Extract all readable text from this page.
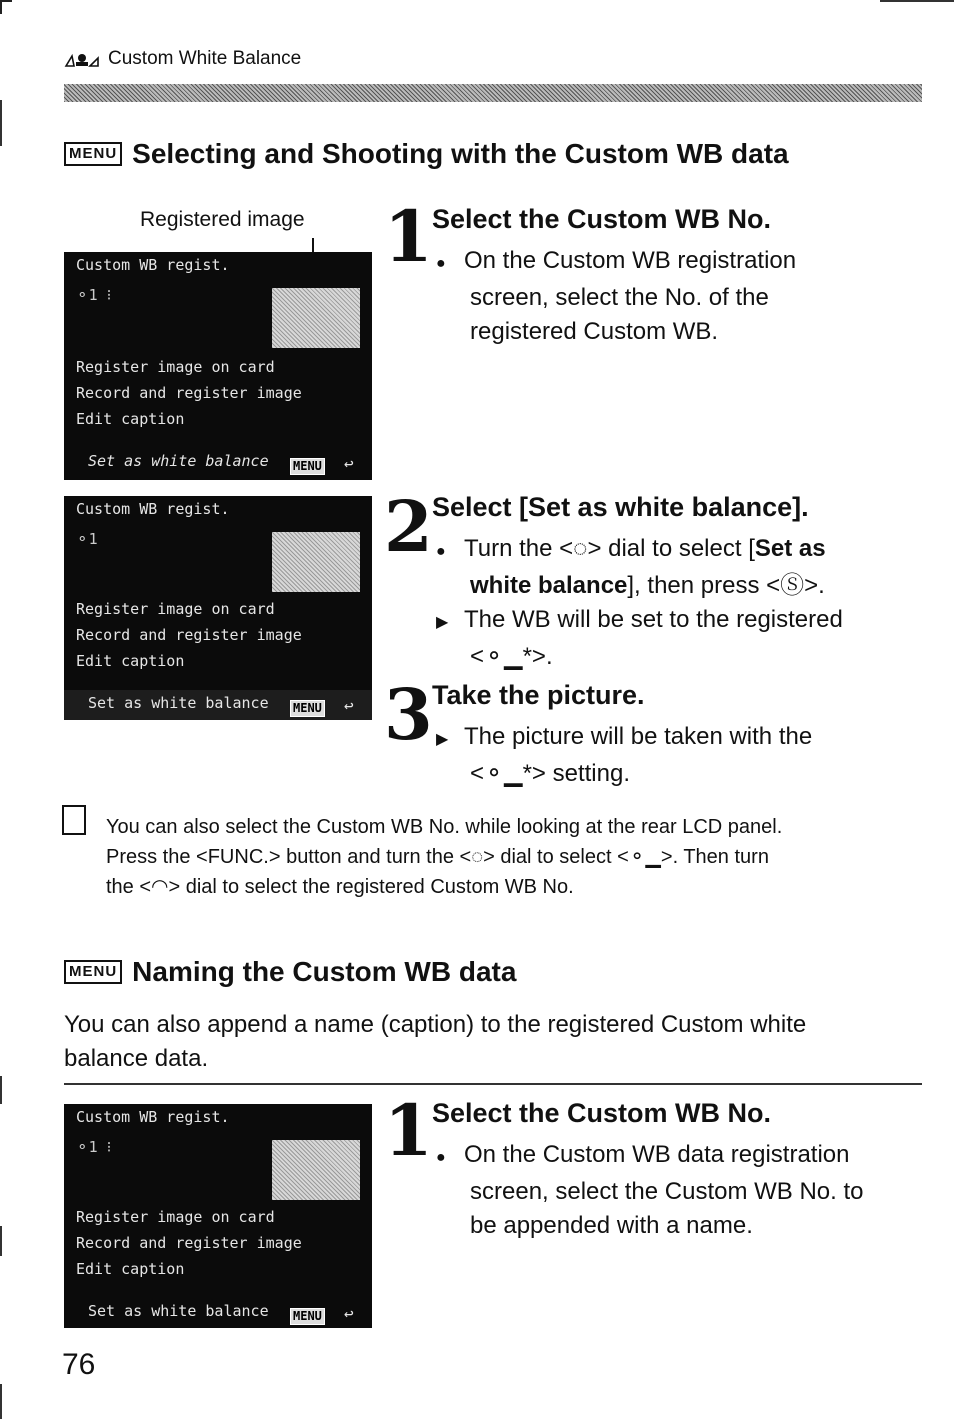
Custom White Balance
MENU Selecting and Shooting with the Custom WB data
Registered image
Custom WB regist.
⚬1 ⁝
Register image on card
Record and register image
Edit caption
Set as white balance MENU ↩
Custom WB regist.
⚬1
Register image on card
Record and register image
Edit caption
Set as white balance MENU ↩
1 Select the Custom WB No.
● On the Custom WB registration
screen, select the No. of the
registered Custom WB.
2 Select [Set as white balance].
● Turn the <◌> dial to select [Set as
white balance], then press <Ⓢ>.
▶ The WB will be set to the registered
<⚬▁*>.
3 Take the picture.
▶ The picture will be taken with the
<⚬▁*> setting.
You can also select the Custom WB No. while looking at the rear LCD panel.
Press the <FUNC.> button and turn the <◌> dial to select <⚬▁>. Then turn
the <◠> dial to select the registered Custom WB No.
MENU Naming the Custom WB data
You can also append a name (caption) to the registered Custom white
balance data.
Custom WB regist.
⚬1 ⁝
Register image on card
Record and register image
Edit caption
Set as white balance MENU ↩
1 Select the Custom WB No.
● On the Custom WB data registration
screen, select the Custom WB No. to
be appended with a name.
76
